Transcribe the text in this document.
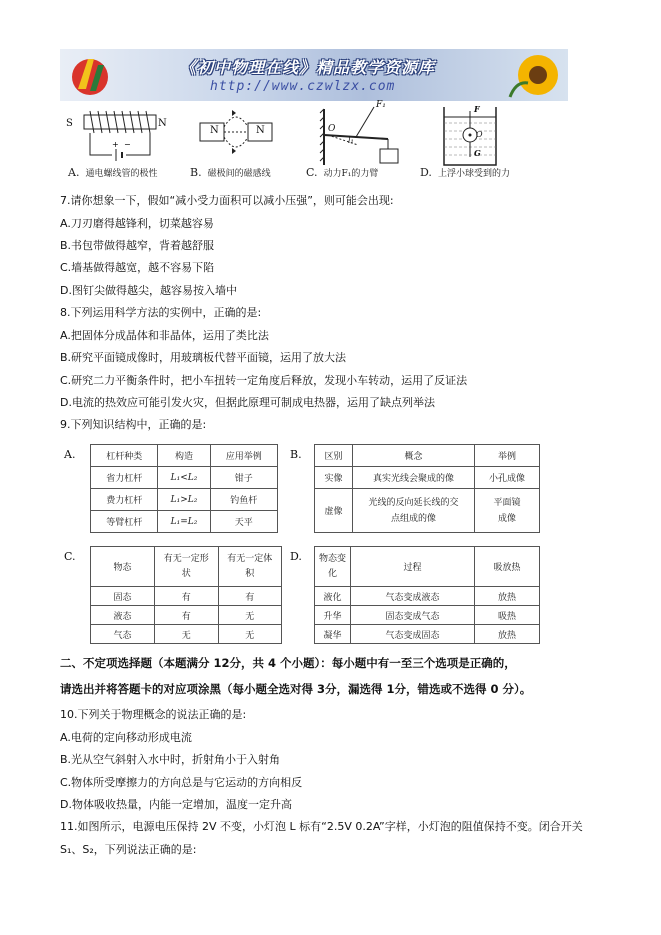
《初中物理在线》精品教学资源库
http://www.czwlzx.com
+ −
S	N
N	N
F₁
O
l₁
F
O
G
A. 通电螺线管的极性	B. 磁极间的磁感线	C. 动力F₁的力臂	D. 上浮小球受到的力
7.请你想象一下，假如“减小受力面积可以减小压强”，则可能会出现:
A.刀刃磨得越锋利，切菜越容易
B.书包带做得越窄，背着越舒服
C.墙基做得越宽，越不容易下陷
D.图钉尖做得越尖，越容易按入墙中
8.下列运用科学方法的实例中，正确的是:
A.把固体分成晶体和非晶体，运用了类比法
B.研究平面镜成像时，用玻璃板代替平面镜，运用了放大法
C.研究二力平衡条件时，把小车扭转一定角度后释放，发现小车转动，运用了反证法
D.电流的热效应可能引发火灾，但据此原理可制成电热器，运用了缺点列举法
9.下列知识结构中，正确的是:
A.	杠杆种类	构造	应用举例
省力杠杆	L₁<L₂	钳子
费力杠杆	L₁>L₂	钓鱼杆
等臂杠杆	L₁=L₂	天平
B.	区别	概念	举例
实像	真实光线会聚成的像	小孔成像
虚像	光线的反向延长线的交点组成的像	平面镜成像
C.
物态	有无一定形状	有无一定体积
固态	有	有
液态	有	无
气态	无	无
D. 物态变化	过程	吸放热
液化	气态变成液态	放热
升华	固态变成气态	吸热
凝华	气态变成固态	放热
二、不定项选择题（本题满分 12分，共 4 个小题）：每小题中有一至三个选项是正确的，
请选出并将答题卡的对应项涂黑（每小题全选对得 3分，漏选得 1分，错选或不选得 0 分）。
10.下列关于物理概念的说法正确的是:
A.电荷的定向移动形成电流
B.光从空气斜射入水中时，折射角小于入射角
C.物体所受摩擦力的方向总是与它运动的方向相反
D.物体吸收热量，内能一定增加，温度一定升高
11.如图所示，电源电压保持 2V 不变，小灯泡 L 标有“2.5V 0.2A”字样，小灯泡的阻值保持不变。闭合开关
S₁、S₂，下列说法正确的是:
